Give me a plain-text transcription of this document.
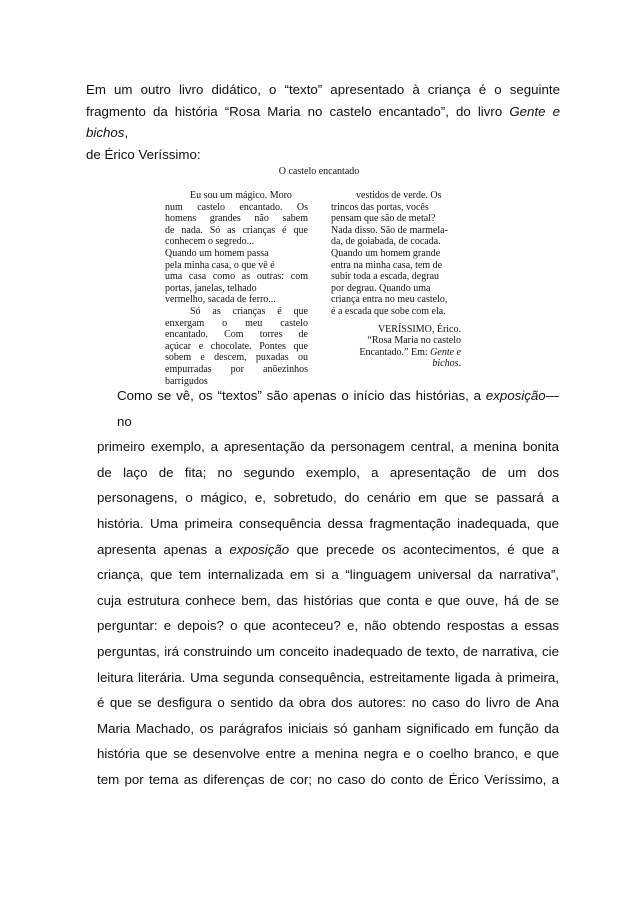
Em um outro livro didático, o “texto” apresentado à criança é o seguinte
fragmento da história “Rosa Maria no castelo encantado”, do livro Gente e bichos,
de Érico Veríssimo:
O castelo encantado
Eu sou um mágico. Moro
num castelo encantado. Os
homens grandes não sabem
de nada. Só as crianças é que
conhecem o segredo...
Quando um homem passa
pela minha casa, o que vê é
uma casa como as outras: com
portas, janelas, telhado
vermelho, sacada de ferro...
Só as crianças é que
enxergam o meu castelo
encantado. Com torres de
açúcar e chocolate. Pontes que
sobem e descem, puxadas ou
empurradas por anõezinhos
barrigudos
vestidos de verde. Os
trincos das portas, vocês
pensam que são de metal?
Nada disso. São de marmela-
da, de goiabada, de cocada.
Quando um homem grande
entra na minha casa, tem de
subir toda a escada, degrau
por degrau. Quando uma
criança entra no meu castelo,
é a escada que sobe com ela.
VERÍSSIMO, Érico.
“Rosa Maria no castelo
Encantado.” Em: Gente e
bichos.
Como se vê, os “textos” são apenas o início das histórias, a exposição—no
primeiro exemplo, a apresentação da personagem central, a menina bonita
de laço de fita; no segundo exemplo, a apresentação de um dos
personagens, o mágico, e, sobretudo, do cenário em que se passará a
história. Uma primeira consequência dessa fragmentação inadequada, que
apresenta apenas a exposição que precede os acontecimentos, é que a
criança, que tem internalizada em si a “linguagem universal da narrativa”,
cuja estrutura conhece bem, das histórias que conta e que ouve, há de se
perguntar: e depois? o que aconteceu? e, não obtendo respostas a essas
perguntas, irá construindo um conceito inadequado de texto, de narrativa, cie
leitura literária. Uma segunda consequência, estreitamente ligada à primeira,
é que se desfigura o sentido da obra dos autores: no caso do livro de Ana
Maria Machado, os parágrafos iniciais só ganham significado em função da
história que se desenvolve entre a menina negra e o coelho branco, e que
tem por tema as diferenças de cor; no caso do conto de Érico Veríssimo, a
